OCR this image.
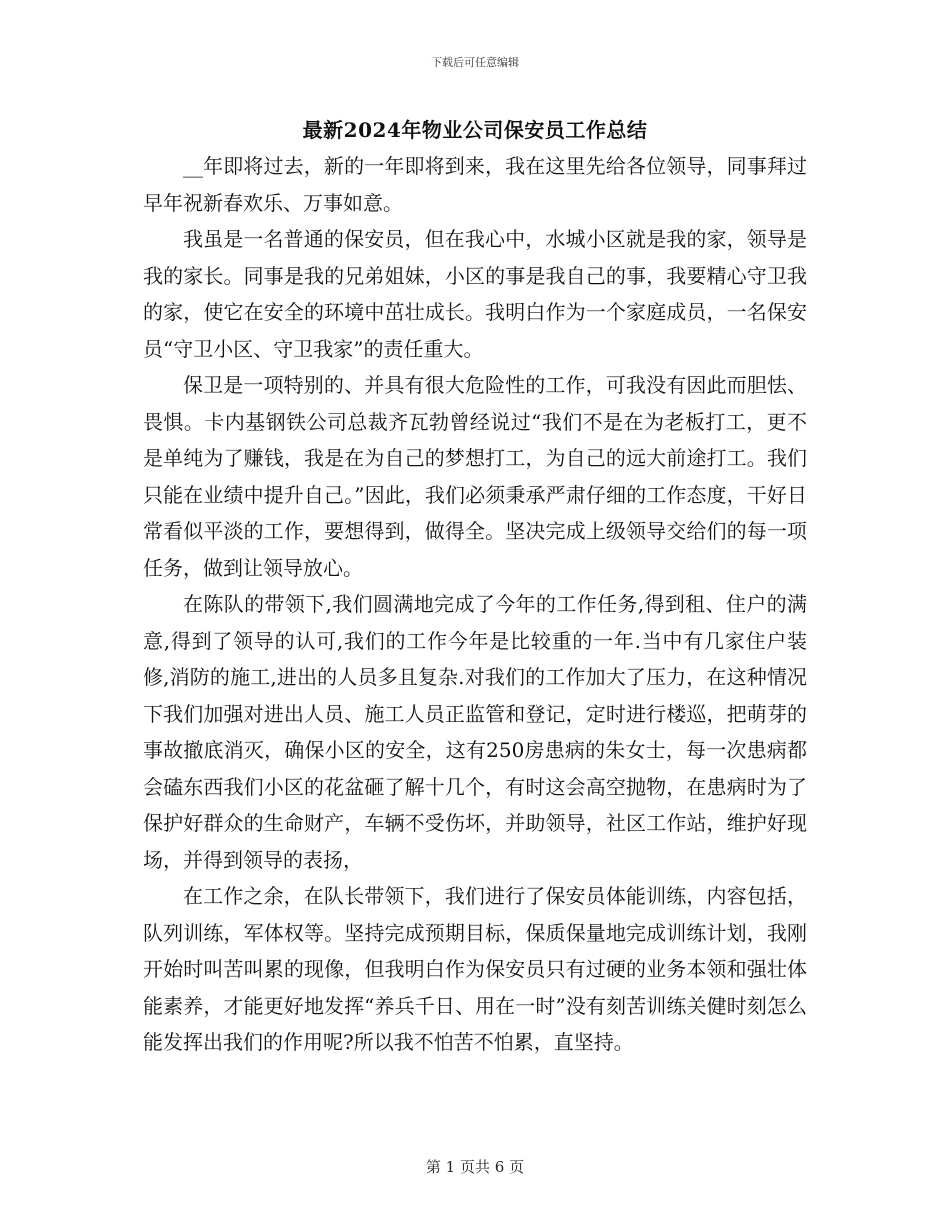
下载后可任意编辑
最新2024年物业公司保安员工作总结

__年即将过去，新的一年即将到来，我在这里先给各位领导，同事拜过早年祝新春欢乐、万事如意。

我虽是一名普通的保安员，但在我心中，水城小区就是我的家，领导是我的家长。同事是我的兄弟姐妹，小区的事是我自己的事，我要精心守卫我的家，使它在安全的环境中茁壮成长。我明白作为一个家庭成员，一名保安员“守卫小区、守卫我家”的责任重大。

保卫是一项特别的、并具有很大危险性的工作，可我没有因此而胆怯、畏惧。卡内基钢铁公司总裁齐瓦勃曾经说过“我们不是在为老板打工，更不是单纯为了赚钱，我是在为自己的梦想打工，为自己的远大前途打工。我们只能在业绩中提升自己。”因此，我们必须秉承严肃仔细的工作态度，干好日常看似平淡的工作，要想得到，做得全。坚决完成上级领导交给们的每一项任务，做到让领导放心。

在陈队的带领下,我们圆满地完成了今年的工作任务,得到租、住户的满意,得到了领导的认可,我们的工作今年是比较重的一年.当中有几家住户装修,消防的施工,进出的人员多且复杂.对我们的工作加大了压力，在这种情况下我们加强对进出人员、施工人员正监管和登记，定时进行楼巡，把萌芽的事故撤底消灭，确保小区的安全，这有250房患病的朱女士，每一次患病都会磕东西我们小区的花盆砸了解十几个，有时这会高空抛物，在患病时为了保护好群众的生命财产，车辆不受伤坏，并助领导，社区工作站，维护好现场，并得到领导的表扬，

在工作之余，在队长带领下，我们进行了保安员体能训练，内容包括，队列训练，军体权等。坚持完成预期目标，保质保量地完成训练计划，我刚开始时叫苦叫累的现像，但我明白作为保安员只有过硬的业务本领和强壮体能素养，才能更好地发挥“养兵千日、用在一时”没有刻苦训练关健时刻怎么能发挥出我们的作用呢?所以我不怕苦不怕累，直坚持。

第 1 页共 6 页
